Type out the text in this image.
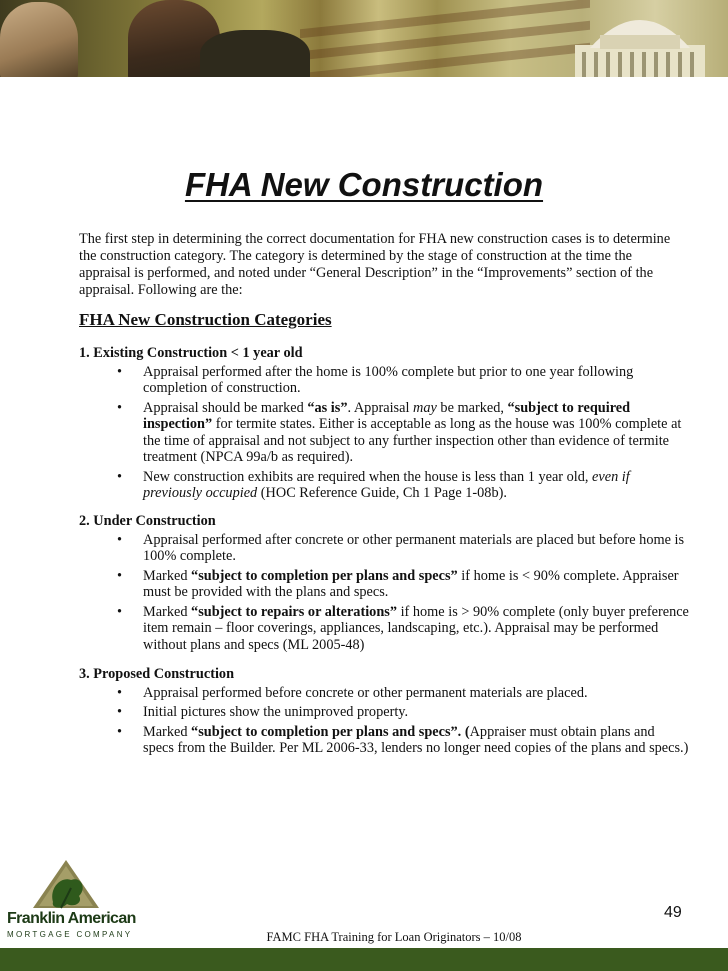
FHA New Construction
The first step in determining the correct documentation for FHA new construction cases is to determine the construction category. The category is determined by the stage of construction at the time the appraisal is performed, and noted under “General Description” in the “Improvements” section of the appraisal. Following are the:
FHA New Construction Categories
1. Existing Construction < 1 year old
• Appraisal performed after the home is 100% complete but prior to one year following completion of construction.
• Appraisal should be marked “as is”. Appraisal may be marked, “subject to required inspection” for termite states. Either is acceptable as long as the house was 100% complete at the time of appraisal and not subject to any further inspection other than evidence of termite treatment (NPCA 99a/b as required).
• New construction exhibits are required when the house is less than 1 year old, even if previously occupied (HOC Reference Guide, Ch 1 Page 1-08b).
2. Under Construction
• Appraisal performed after concrete or other permanent materials are placed but before home is 100% complete.
• Marked “subject to completion per plans and specs” if home is < 90% complete. Appraiser must be provided with the plans and specs.
• Marked “subject to repairs or alterations” if home is > 90% complete (only buyer preference item remain – floor coverings, appliances, landscaping, etc.). Appraisal may be performed without plans and specs (ML 2005-48)
3. Proposed Construction
• Appraisal performed before concrete or other permanent materials are placed.
• Initial pictures show the unimproved property.
• Marked “subject to completion per plans and specs”. (Appraiser must obtain plans and specs from the Builder. Per ML 2006-33, lenders no longer need copies of the plans and specs.)
Franklin American
MORTGAGE COMPANY
49
FAMC FHA Training for Loan Originators – 10/08
